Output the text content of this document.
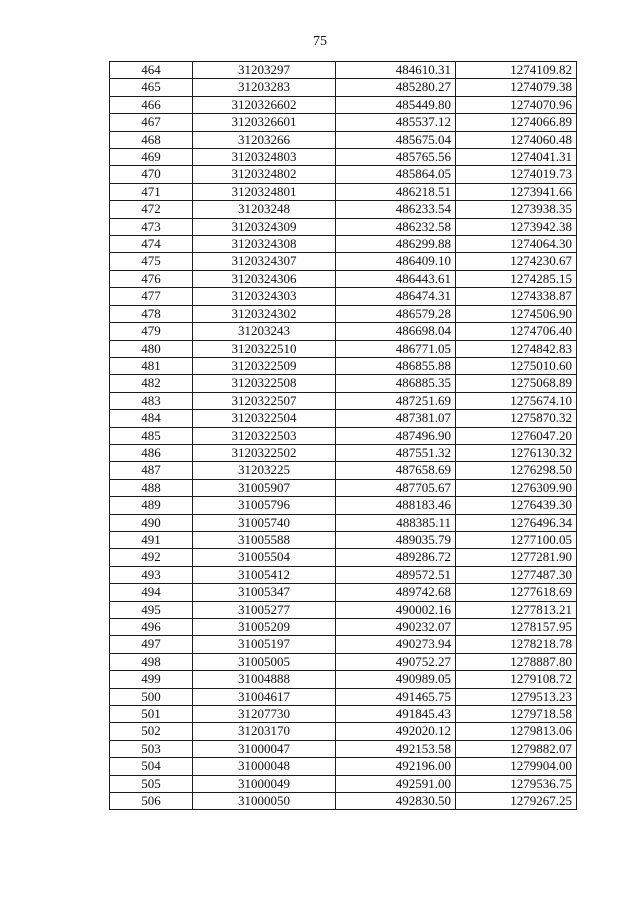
75
464	31203297	484610.31	1274109.82
465	31203283	485280.27	1274079.38
466	3120326602	485449.80	1274070.96
467	3120326601	485537.12	1274066.89
468	31203266	485675.04	1274060.48
469	3120324803	485765.56	1274041.31
470	3120324802	485864.05	1274019.73
471	3120324801	486218.51	1273941.66
472	31203248	486233.54	1273938.35
473	3120324309	486232.58	1273942.38
474	3120324308	486299.88	1274064.30
475	3120324307	486409.10	1274230.67
476	3120324306	486443.61	1274285.15
477	3120324303	486474.31	1274338.87
478	3120324302	486579.28	1274506.90
479	31203243	486698.04	1274706.40
480	3120322510	486771.05	1274842.83
481	3120322509	486855.88	1275010.60
482	3120322508	486885.35	1275068.89
483	3120322507	487251.69	1275674.10
484	3120322504	487381.07	1275870.32
485	3120322503	487496.90	1276047.20
486	3120322502	487551.32	1276130.32
487	31203225	487658.69	1276298.50
488	31005907	487705.67	1276309.90
489	31005796	488183.46	1276439.30
490	31005740	488385.11	1276496.34
491	31005588	489035.79	1277100.05
492	31005504	489286.72	1277281.90
493	31005412	489572.51	1277487.30
494	31005347	489742.68	1277618.69
495	31005277	490002.16	1277813.21
496	31005209	490232.07	1278157.95
497	31005197	490273.94	1278218.78
498	31005005	490752.27	1278887.80
499	31004888	490989.05	1279108.72
500	31004617	491465.75	1279513.23
501	31207730	491845.43	1279718.58
502	31203170	492020.12	1279813.06
503	31000047	492153.58	1279882.07
504	31000048	492196.00	1279904.00
505	31000049	492591.00	1279536.75
506	31000050	492830.50	1279267.25
